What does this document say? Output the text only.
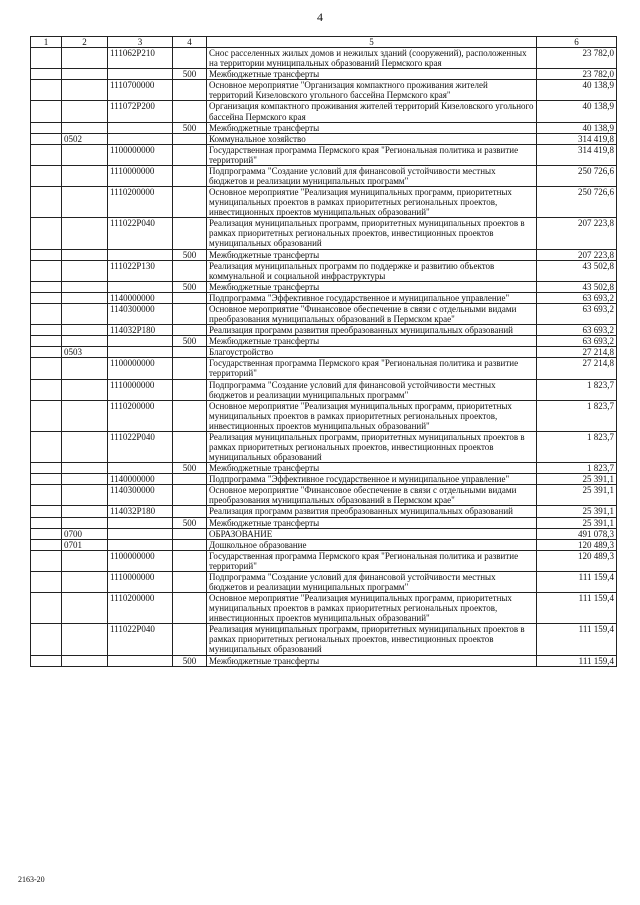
4
1	2	3	4	5	6
		111062P210		Снос расселенных жилых домов и нежилых зданий (сооружений), расположенных на территории муниципальных образований Пермского края	23 782,0
			500	Межбюджетные трансферты	23 782,0
		1110700000		Основное мероприятие "Организация компактного проживания жителей территорий Кизеловского угольного бассейна Пермского края"	40 138,9
		111072P200		Организация компактного проживания жителей территорий Кизеловского угольного бассейна Пермского края	40 138,9
			500	Межбюджетные трансферты	40 138,9
	0502			Коммунальное хозяйство	314 419,8
		1100000000		Государственная программа Пермского края "Региональная политика и развитие территорий"	314 419,8
		1110000000		Подпрограмма "Создание условий для финансовой устойчивости местных бюджетов и реализации муниципальных программ"	250 726,6
		1110200000		Основное мероприятие "Реализация муниципальных программ, приоритетных муниципальных проектов в рамках приоритетных региональных проектов, инвестиционных проектов муниципальных образований"	250 726,6
		111022P040		Реализация муниципальных программ, приоритетных муниципальных проектов в рамках приоритетных региональных проектов, инвестиционных проектов муниципальных образований	207 223,8
			500	Межбюджетные трансферты	207 223,8
		111022P130		Реализация муниципальных программ по поддержке и развитию объектов коммунальной и социальной инфраструктуры	43 502,8
			500	Межбюджетные трансферты	43 502,8
		1140000000		Подпрограмма "Эффективное государственное и муниципальное управление"	63 693,2
		1140300000		Основное мероприятие "Финансовое обеспечение в связи с отдельными видами преобразования муниципальных образований в Пермском крае"	63 693,2
		114032P180		Реализация программ развития преобразованных муниципальных образований	63 693,2
			500	Межбюджетные трансферты	63 693,2
	0503			Благоустройство	27 214,8
		1100000000		Государственная программа Пермского края "Региональная политика и развитие территорий"	27 214,8
		1110000000		Подпрограмма "Создание условий для финансовой устойчивости местных бюджетов и реализации муниципальных программ"	1 823,7
		1110200000		Основное мероприятие "Реализация муниципальных программ, приоритетных муниципальных проектов в рамках приоритетных региональных проектов, инвестиционных проектов муниципальных образований"	1 823,7
		111022P040		Реализация муниципальных программ, приоритетных муниципальных проектов в рамках приоритетных региональных проектов, инвестиционных проектов муниципальных образований	1 823,7
			500	Межбюджетные трансферты	1 823,7
		1140000000		Подпрограмма "Эффективное государственное и муниципальное управление"	25 391,1
		1140300000		Основное мероприятие "Финансовое обеспечение в связи с отдельными видами преобразования муниципальных образований в Пермском крае"	25 391,1
		114032P180		Реализация программ развития преобразованных муниципальных образований	25 391,1
			500	Межбюджетные трансферты	25 391,1
	0700			ОБРАЗОВАНИЕ	491 078,3
	0701			Дошкольное образование	120 489,3
		1100000000		Государственная программа Пермского края "Региональная политика и развитие территорий"	120 489,3
		1110000000		Подпрограмма "Создание условий для финансовой устойчивости местных бюджетов и реализации муниципальных программ"	111 159,4
		1110200000		Основное мероприятие "Реализация муниципальных программ, приоритетных муниципальных проектов в рамках приоритетных региональных проектов, инвестиционных проектов муниципальных образований"	111 159,4
		111022P040		Реализация муниципальных программ, приоритетных муниципальных проектов в рамках приоритетных региональных проектов, инвестиционных проектов муниципальных образований	111 159,4
			500	Межбюджетные трансферты	111 159,4
2163-20
